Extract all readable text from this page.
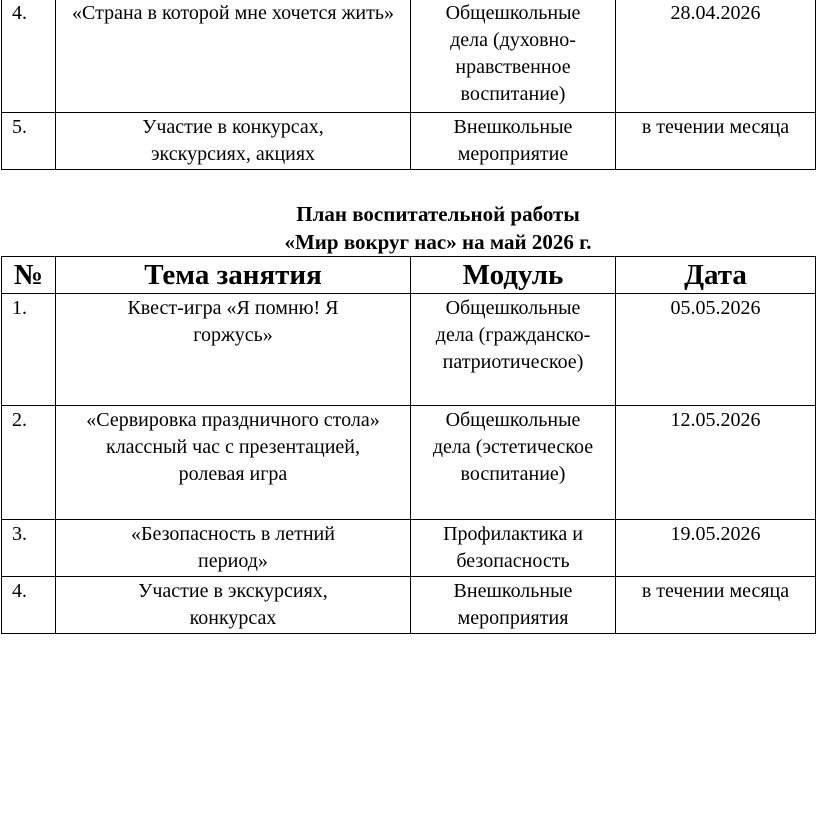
4.	«Страна в которой мне хочется жить»	Общешкольные дела (духовно-нравственное воспитание)	28.04.2026
5.	Участие в конкурсах, экскурсиях, акциях	Внешкольные мероприятие	в течении месяца
План воспитательной работы
«Мир вокруг нас» на май 2026 г.
№	Тема занятия	Модуль	Дата
1.	Квест-игра «Я помню! Я горжусь»	Общешкольные дела (гражданско-патриотическое)	05.05.2026
2.	«Сервировка праздничного стола» классный час с презентацией, ролевая игра	Общешкольные дела (эстетическое воспитание)	12.05.2026
3.	«Безопасность в летний период»	Профилактика и безопасность	19.05.2026
4.	Участие в экскурсиях, конкурсах	Внешкольные мероприятия	в течении месяца
